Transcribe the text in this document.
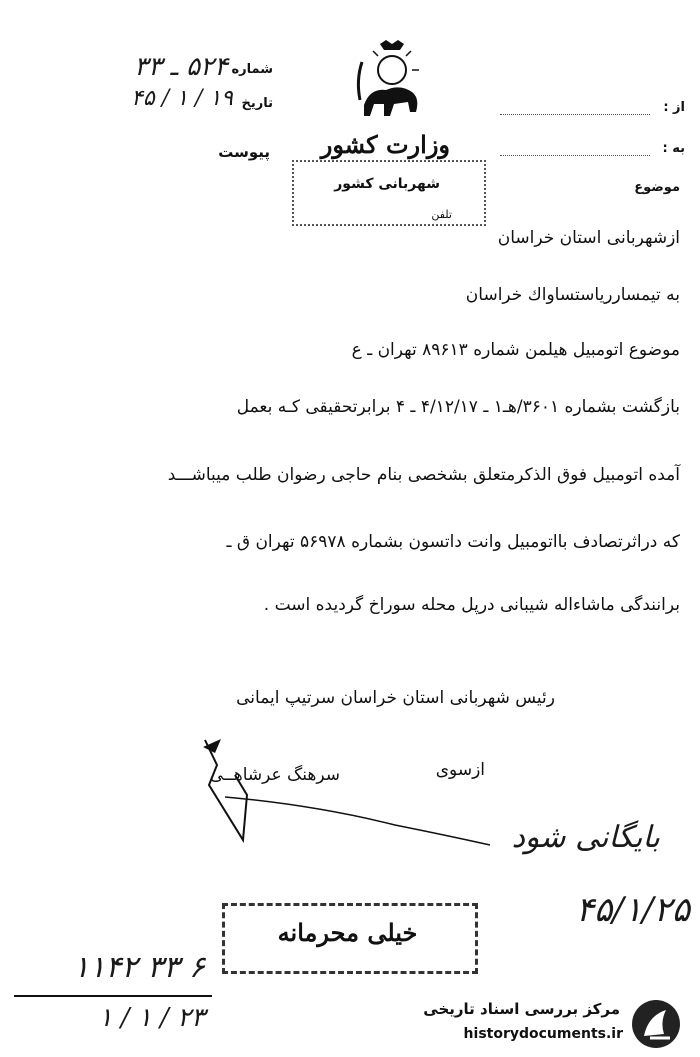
شماره
۵۲۴ ـ ۳۳
تاریخ
۱۹ / ۱ / ۴۵
پیوست وزارت کشور
شهربانی کشور
تلفن
از :
به :
موضوع
ازشهربانی استان خراسان
به تیمساررياستساواك خراسان
موضوع اتومبیل هیلمن شماره ۸۹۶۱۳ تهران ـ ع
بازگشت بشماره ۳۶۰۱/هـ۱ ـ ۴/۱۲/۱۷ ـ ۴ برابرتحقیقی کـه بعمل
آمده اتومبیل فوق الذکرمتعلق بشخصی بنام حاجی رضوان طلب میباشـــد
که دراثرتصادف بااتومبیل وانت داتسون بشماره ۵۶۹۷۸ تهران ق ـ
برانندگی ماشاءاله شیبانی درپل محله سوراخ گردیده است .
رئیس شهربانی استان خراسان سرتیپ ایمانی
ازسوی
سرهنگ عرشاهــی
بایگانی شود
خیلی محرمانه
۴۵/۱/۲۵
۶ ۳۳ ۱۱۴۲
۲۳ / ۱ / ۱	مرکز بررسی اسناد تاریخی
historydocuments.ir
